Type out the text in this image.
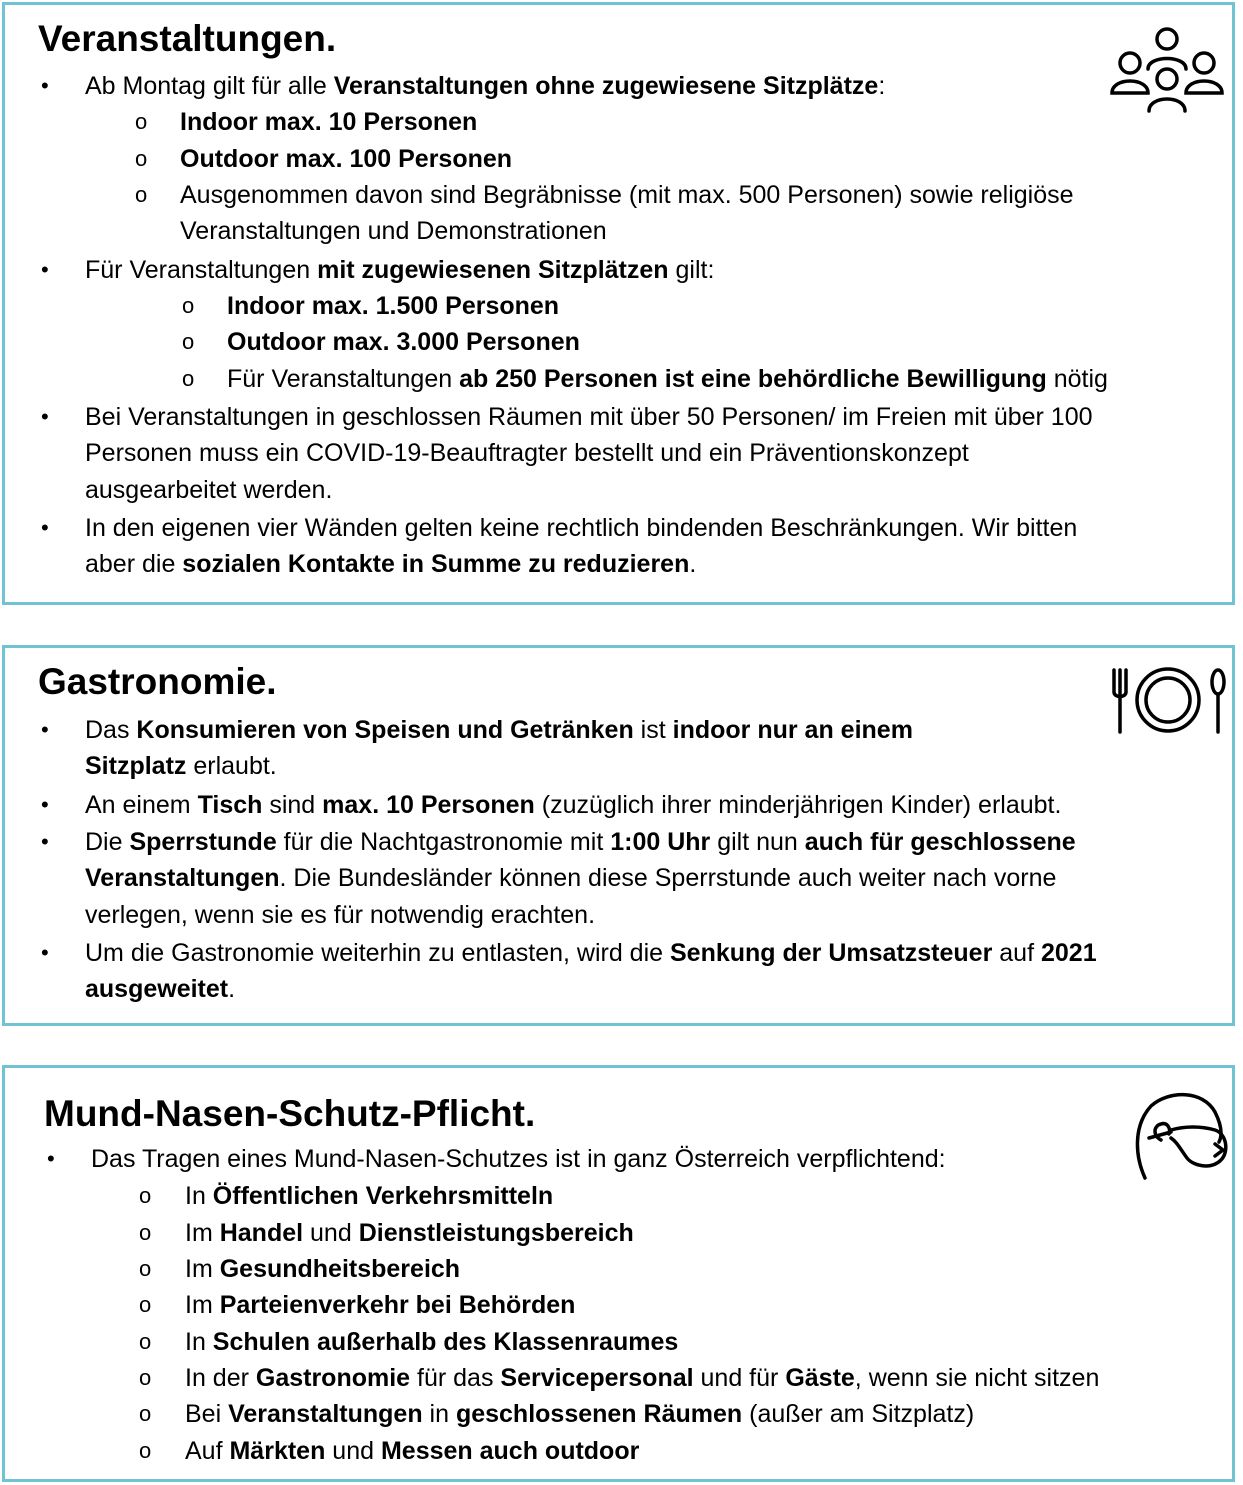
Veranstaltungen.
• Ab Montag gilt für alle Veranstaltungen ohne zugewiesene Sitzplätze:
o Indoor max. 10 Personen
o Outdoor max. 100 Personen
o Ausgenommen davon sind Begräbnisse (mit max. 500 Personen) sowie religiöse
Veranstaltungen und Demonstrationen
• Für Veranstaltungen mit zugewiesenen Sitzplätzen gilt:
o Indoor max. 1.500 Personen
o Outdoor max. 3.000 Personen
o Für Veranstaltungen ab 250 Personen ist eine behördliche Bewilligung nötig
• Bei Veranstaltungen in geschlossen Räumen mit über 50 Personen/ im Freien mit über 100
Personen muss ein COVID-19-Beauftragter bestellt und ein Präventionskonzept
ausgearbeitet werden.
• In den eigenen vier Wänden gelten keine rechtlich bindenden Beschränkungen. Wir bitten
aber die sozialen Kontakte in Summe zu reduzieren.
Gastronomie.
• Das Konsumieren von Speisen und Getränken ist indoor nur an einem
Sitzplatz erlaubt.
• An einem Tisch sind max. 10 Personen (zuzüglich ihrer minderjährigen Kinder) erlaubt.
• Die Sperrstunde für die Nachtgastronomie mit 1:00 Uhr gilt nun auch für geschlossene
Veranstaltungen. Die Bundesländer können diese Sperrstunde auch weiter nach vorne
verlegen, wenn sie es für notwendig erachten.
• Um die Gastronomie weiterhin zu entlasten, wird die Senkung der Umsatzsteuer auf 2021
ausgeweitet.
Mund-Nasen-Schutz-Pflicht.
• Das Tragen eines Mund-Nasen-Schutzes ist in ganz Österreich verpflichtend:
o In Öffentlichen Verkehrsmitteln
o Im Handel und Dienstleistungsbereich
o Im Gesundheitsbereich
o Im Parteienverkehr bei Behörden
o In Schulen außerhalb des Klassenraumes
o In der Gastronomie für das Servicepersonal und für Gäste, wenn sie nicht sitzen
o Bei Veranstaltungen in geschlossenen Räumen (außer am Sitzplatz)
o Auf Märkten und Messen auch outdoor
